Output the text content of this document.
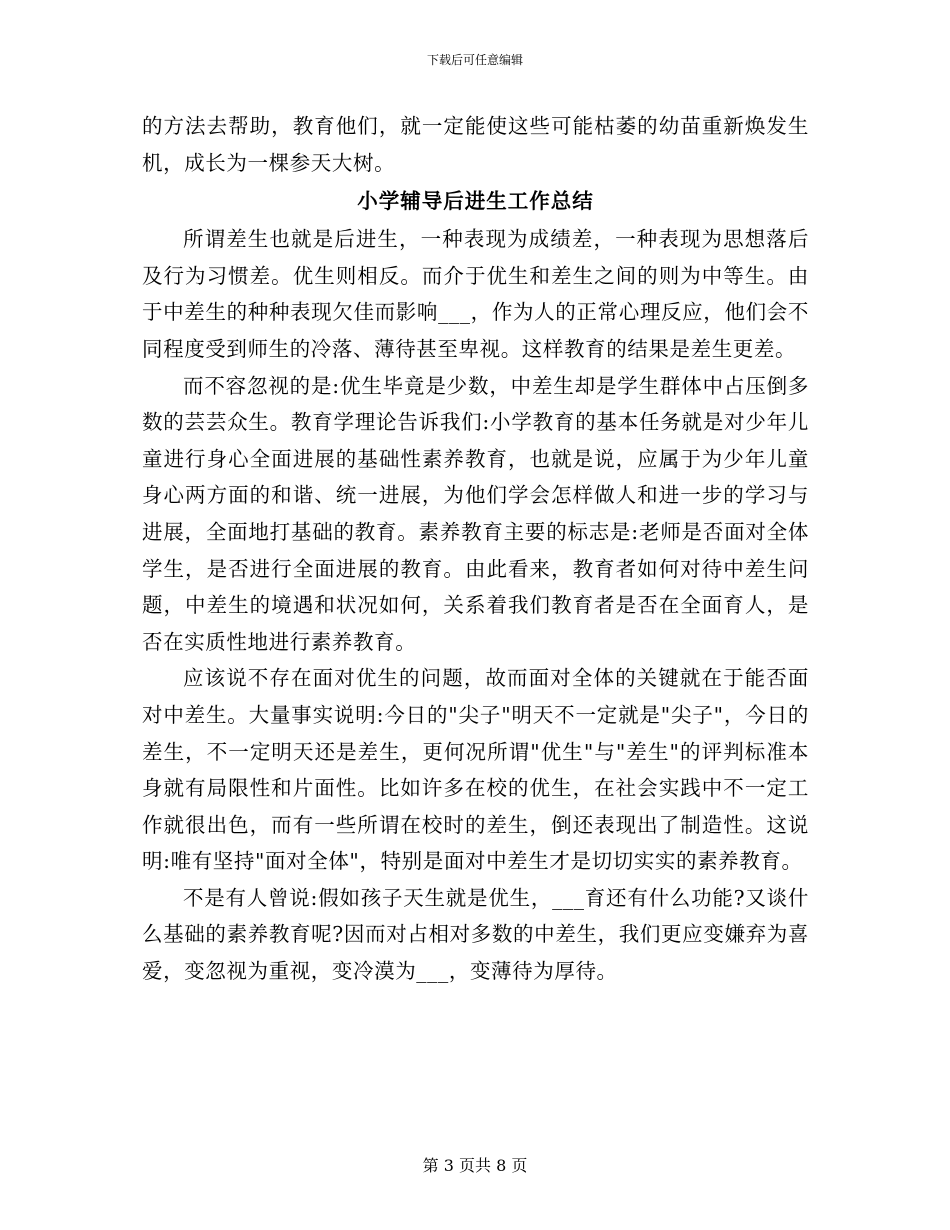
下载后可任意编辑

的方法去帮助，教育他们，就一定能使这些可能枯萎的幼苗重新焕发生机，成长为一棵参天大树。

小学辅导后进生工作总结

所谓差生也就是后进生，一种表现为成绩差，一种表现为思想落后及行为习惯差。优生则相反。而介于优生和差生之间的则为中等生。由于中差生的种种表现欠佳而影响___，作为人的正常心理反应，他们会不同程度受到师生的冷落、薄待甚至卑视。这样教育的结果是差生更差。

而不容忽视的是:优生毕竟是少数，中差生却是学生群体中占压倒多数的芸芸众生。教育学理论告诉我们:小学教育的基本任务就是对少年儿童进行身心全面进展的基础性素养教育，也就是说，应属于为少年儿童身心两方面的和谐、统一进展，为他们学会怎样做人和进一步的学习与进展，全面地打基础的教育。素养教育主要的标志是:老师是否面对全体学生，是否进行全面进展的教育。由此看来，教育者如何对待中差生问题，中差生的境遇和状况如何，关系着我们教育者是否在全面育人，是否在实质性地进行素养教育。

应该说不存在面对优生的问题，故而面对全体的关键就在于能否面对中差生。大量事实说明:今日的"尖子"明天不一定就是"尖子"，今日的差生，不一定明天还是差生，更何况所谓"优生"与"差生"的评判标准本身就有局限性和片面性。比如许多在校的优生，在社会实践中不一定工作就很出色，而有一些所谓在校时的差生，倒还表现出了制造性。这说明:唯有坚持"面对全体"，特别是面对中差生才是切切实实的素养教育。

不是有人曾说:假如孩子天生就是优生，___育还有什么功能?又谈什么基础的素养教育呢?因而对占相对多数的中差生，我们更应变嫌弃为喜爱，变忽视为重视，变冷漠为___，变薄待为厚待。

第 3 页共 8 页
